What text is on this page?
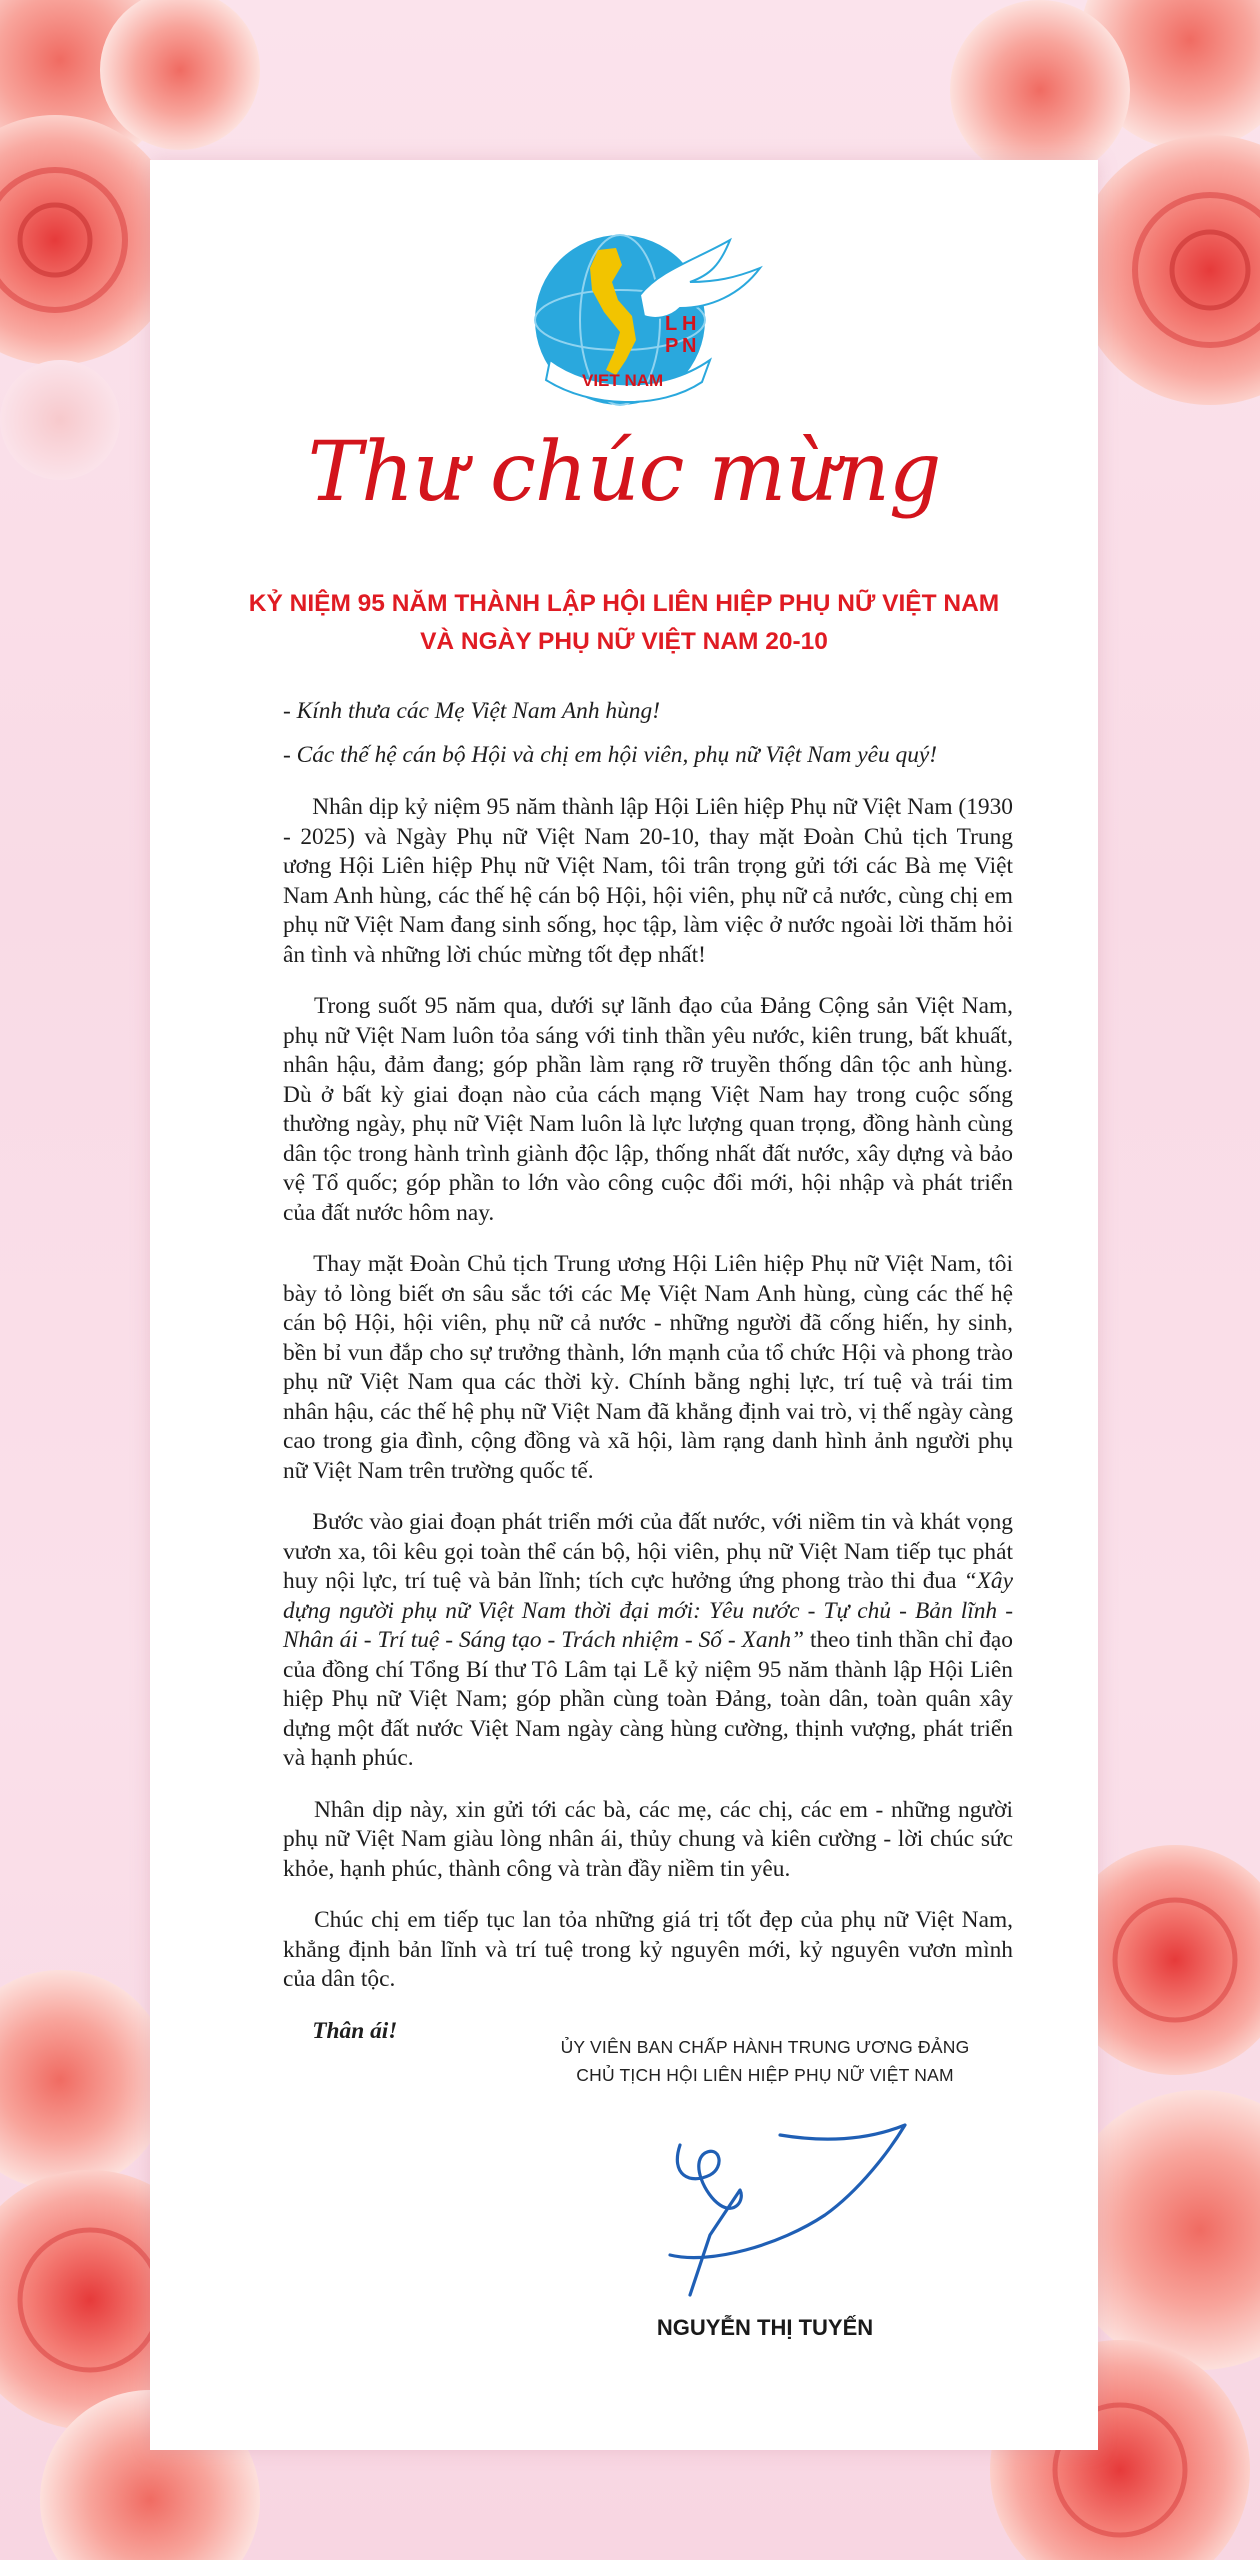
L H
P N
VIET NAM
Thư chúc mừng
KỶ NIỆM 95 NĂM THÀNH LẬP HỘI LIÊN HIỆP PHỤ NỮ VIỆT NAM
VÀ NGÀY PHỤ NỮ VIỆT NAM 20-10

- Kính thưa các Mẹ Việt Nam Anh hùng!

- Các thế hệ cán bộ Hội và chị em hội viên, phụ nữ Việt Nam yêu quý!

  Nhân dịp kỷ niệm 95 năm thành lập Hội Liên hiệp Phụ nữ Việt Nam (1930 - 2025) và Ngày Phụ nữ Việt Nam 20-10, thay mặt Đoàn Chủ tịch Trung ương Hội Liên hiệp Phụ nữ Việt Nam, tôi trân trọng gửi tới các Bà mẹ Việt Nam Anh hùng, các thế hệ cán bộ Hội, hội viên, phụ nữ cả nước, cùng chị em phụ nữ Việt Nam đang sinh sống, học tập, làm việc ở nước ngoài lời thăm hỏi ân tình và những lời chúc mừng tốt đẹp nhất!

  Trong suốt 95 năm qua, dưới sự lãnh đạo của Đảng Cộng sản Việt Nam, phụ nữ Việt Nam luôn tỏa sáng với tinh thần yêu nước, kiên trung, bất khuất, nhân hậu, đảm đang; góp phần làm rạng rỡ truyền thống dân tộc anh hùng. Dù ở bất kỳ giai đoạn nào của cách mạng Việt Nam hay trong cuộc sống thường ngày, phụ nữ Việt Nam luôn là lực lượng quan trọng, đồng hành cùng dân tộc trong hành trình giành độc lập, thống nhất đất nước, xây dựng và bảo vệ Tổ quốc; góp phần to lớn vào công cuộc đổi mới, hội nhập và phát triển của đất nước hôm nay.

  Thay mặt Đoàn Chủ tịch Trung ương Hội Liên hiệp Phụ nữ Việt Nam, tôi bày tỏ lòng biết ơn sâu sắc tới các Mẹ Việt Nam Anh hùng, cùng các thế hệ cán bộ Hội, hội viên, phụ nữ cả nước - những người đã cống hiến, hy sinh, bền bỉ vun đắp cho sự trưởng thành, lớn mạnh của tổ chức Hội và phong trào phụ nữ Việt Nam qua các thời kỳ. Chính bằng nghị lực, trí tuệ và trái tim nhân hậu, các thế hệ phụ nữ Việt Nam đã khẳng định vai trò, vị thế ngày càng cao trong gia đình, cộng đồng và xã hội, làm rạng danh hình ảnh người phụ nữ Việt Nam trên trường quốc tế.

  Bước vào giai đoạn phát triển mới của đất nước, với niềm tin và khát vọng vươn xa, tôi kêu gọi toàn thể cán bộ, hội viên, phụ nữ Việt Nam tiếp tục phát huy nội lực, trí tuệ và bản lĩnh; tích cực hưởng ứng phong trào thi đua “Xây dựng người phụ nữ Việt Nam thời đại mới: Yêu nước - Tự chủ - Bản lĩnh - Nhân ái - Trí tuệ - Sáng tạo - Trách nhiệm - Số - Xanh” theo tinh thần chỉ đạo của đồng chí Tổng Bí thư Tô Lâm tại Lễ kỷ niệm 95 năm thành lập Hội Liên hiệp Phụ nữ Việt Nam; góp phần cùng toàn Đảng, toàn dân, toàn quân xây dựng một đất nước Việt Nam ngày càng hùng cường, thịnh vượng, phát triển và hạnh phúc.

  Nhân dịp này, xin gửi tới các bà, các mẹ, các chị, các em - những người phụ nữ Việt Nam giàu lòng nhân ái, thủy chung và kiên cường - lời chúc sức khỏe, hạnh phúc, thành công và tràn đầy niềm tin yêu.

  Chúc chị em tiếp tục lan tỏa những giá trị tốt đẹp của phụ nữ Việt Nam, khẳng định bản lĩnh và trí tuệ trong kỷ nguyên mới, kỷ nguyên vươn mình của dân tộc.

  Thân ái!

ỦY VIÊN BAN CHẤP HÀNH TRUNG ƯƠNG ĐẢNG
CHỦ TỊCH HỘI LIÊN HIỆP PHỤ NỮ VIỆT NAM
NGUYỄN THỊ TUYẾN
